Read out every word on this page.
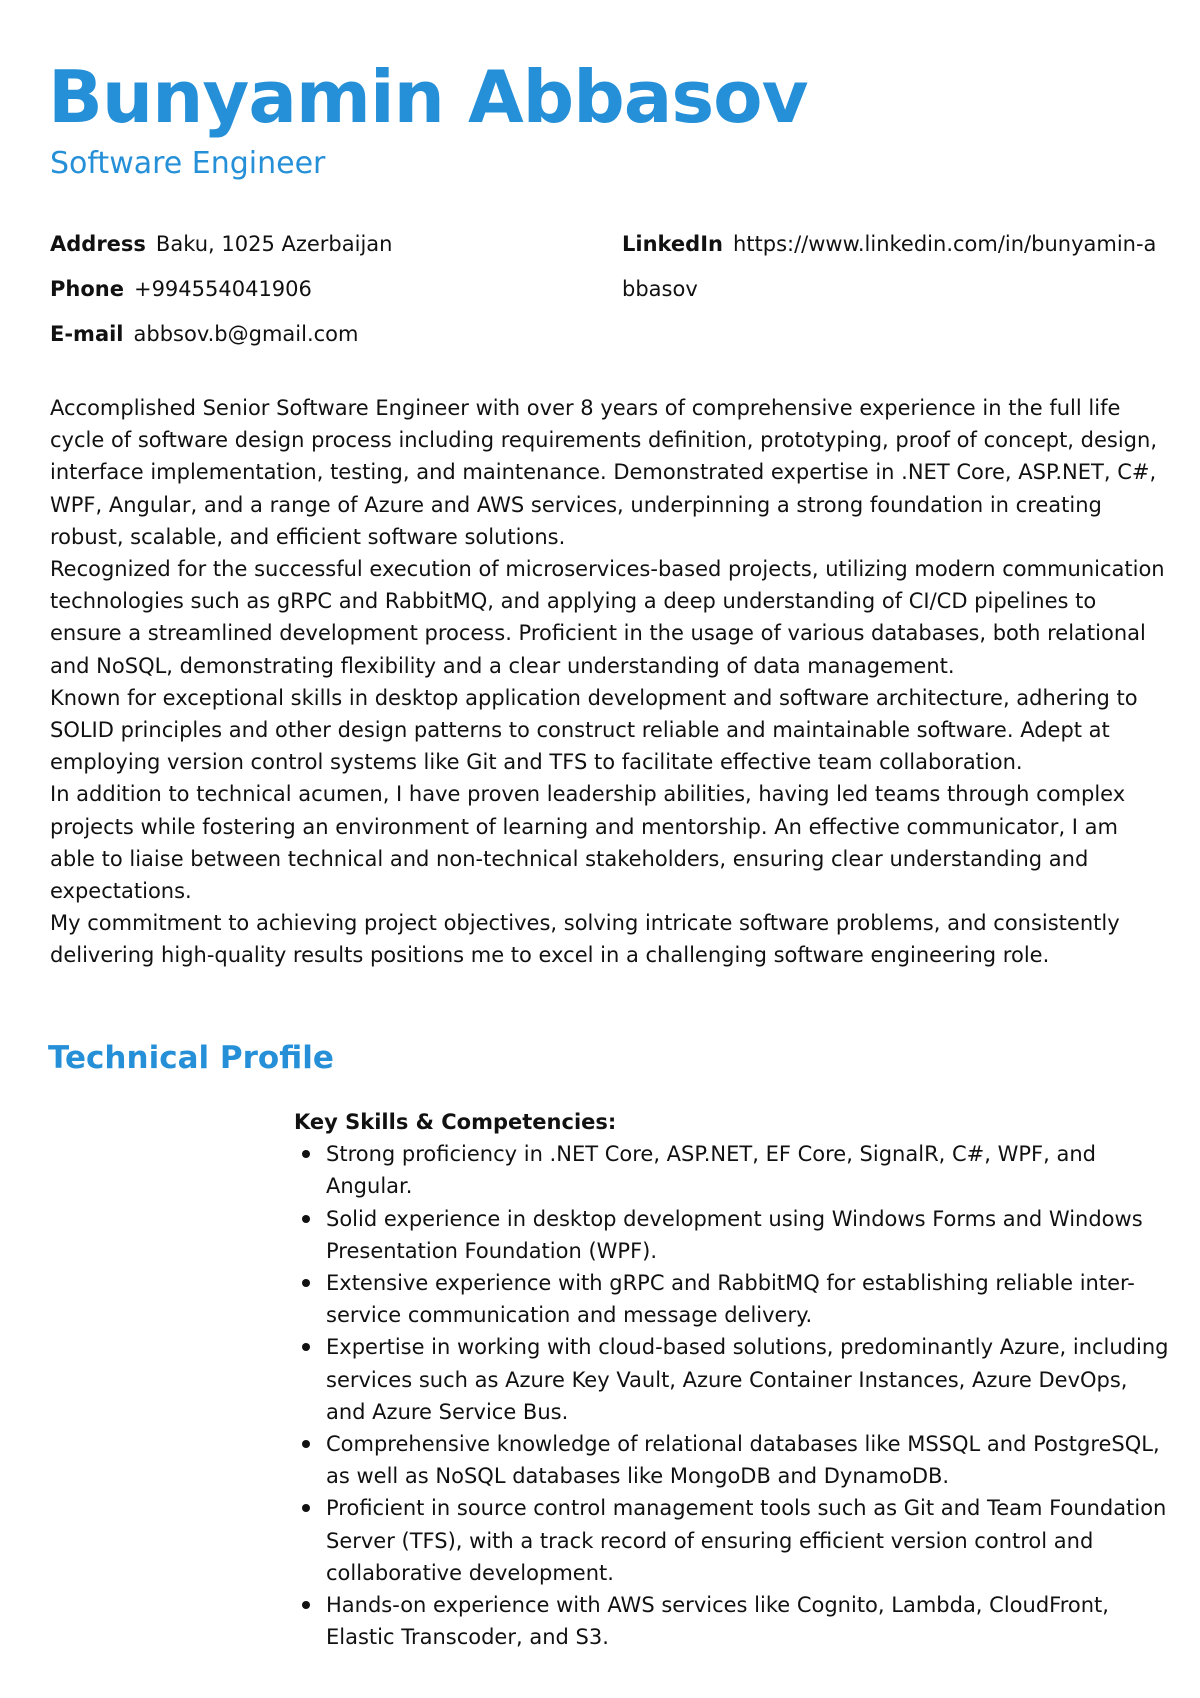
Bunyamin Abbasov
Software Engineer
Address Baku, 1025 Azerbaijan
Phone +994554041906
E-mail abbsov.b@gmail.com
LinkedIn https://www.linkedin.com/in/bunyamin-abbasov

Accomplished Senior Software Engineer with over 8 years of comprehensive experience in the full life cycle of software design process including requirements definition, prototyping, proof of concept, design, interface implementation, testing, and maintenance. Demonstrated expertise in .NET Core, ASP.NET, C#, WPF, Angular, and a range of Azure and AWS services, underpinning a strong foundation in creating robust, scalable, and efficient software solutions.

Recognized for the successful execution of microservices-based projects, utilizing modern communication technologies such as gRPC and RabbitMQ, and applying a deep understanding of CI/CD pipelines to ensure a streamlined development process. Proficient in the usage of various databases, both relational and NoSQL, demonstrating flexibility and a clear understanding of data management.

Known for exceptional skills in desktop application development and software architecture, adhering to SOLID principles and other design patterns to construct reliable and maintainable software. Adept at employing version control systems like Git and TFS to facilitate effective team collaboration.

In addition to technical acumen, I have proven leadership abilities, having led teams through complex projects while fostering an environment of learning and mentorship. An effective communicator, I am able to liaise between technical and non-technical stakeholders, ensuring clear understanding and expectations.

My commitment to achieving project objectives, solving intricate software problems, and consistently delivering high-quality results positions me to excel in a challenging software engineering role.

Technical Profile
Key Skills & Competencies:
Strong proficiency in .NET Core, ASP.NET, EF Core, SignalR, C#, WPF, and Angular.
Solid experience in desktop development using Windows Forms and Windows Presentation Foundation (WPF).
Extensive experience with gRPC and RabbitMQ for establishing reliable inter-service communication and message delivery.
Expertise in working with cloud-based solutions, predominantly Azure, including services such as Azure Key Vault, Azure Container Instances, Azure DevOps, and Azure Service Bus.
Comprehensive knowledge of relational databases like MSSQL and PostgreSQL, as well as NoSQL databases like MongoDB and DynamoDB.
Proficient in source control management tools such as Git and Team Foundation Server (TFS), with a track record of ensuring efficient version control and collaborative development.
Hands-on experience with AWS services like Cognito, Lambda, CloudFront, Elastic Transcoder, and S3.
